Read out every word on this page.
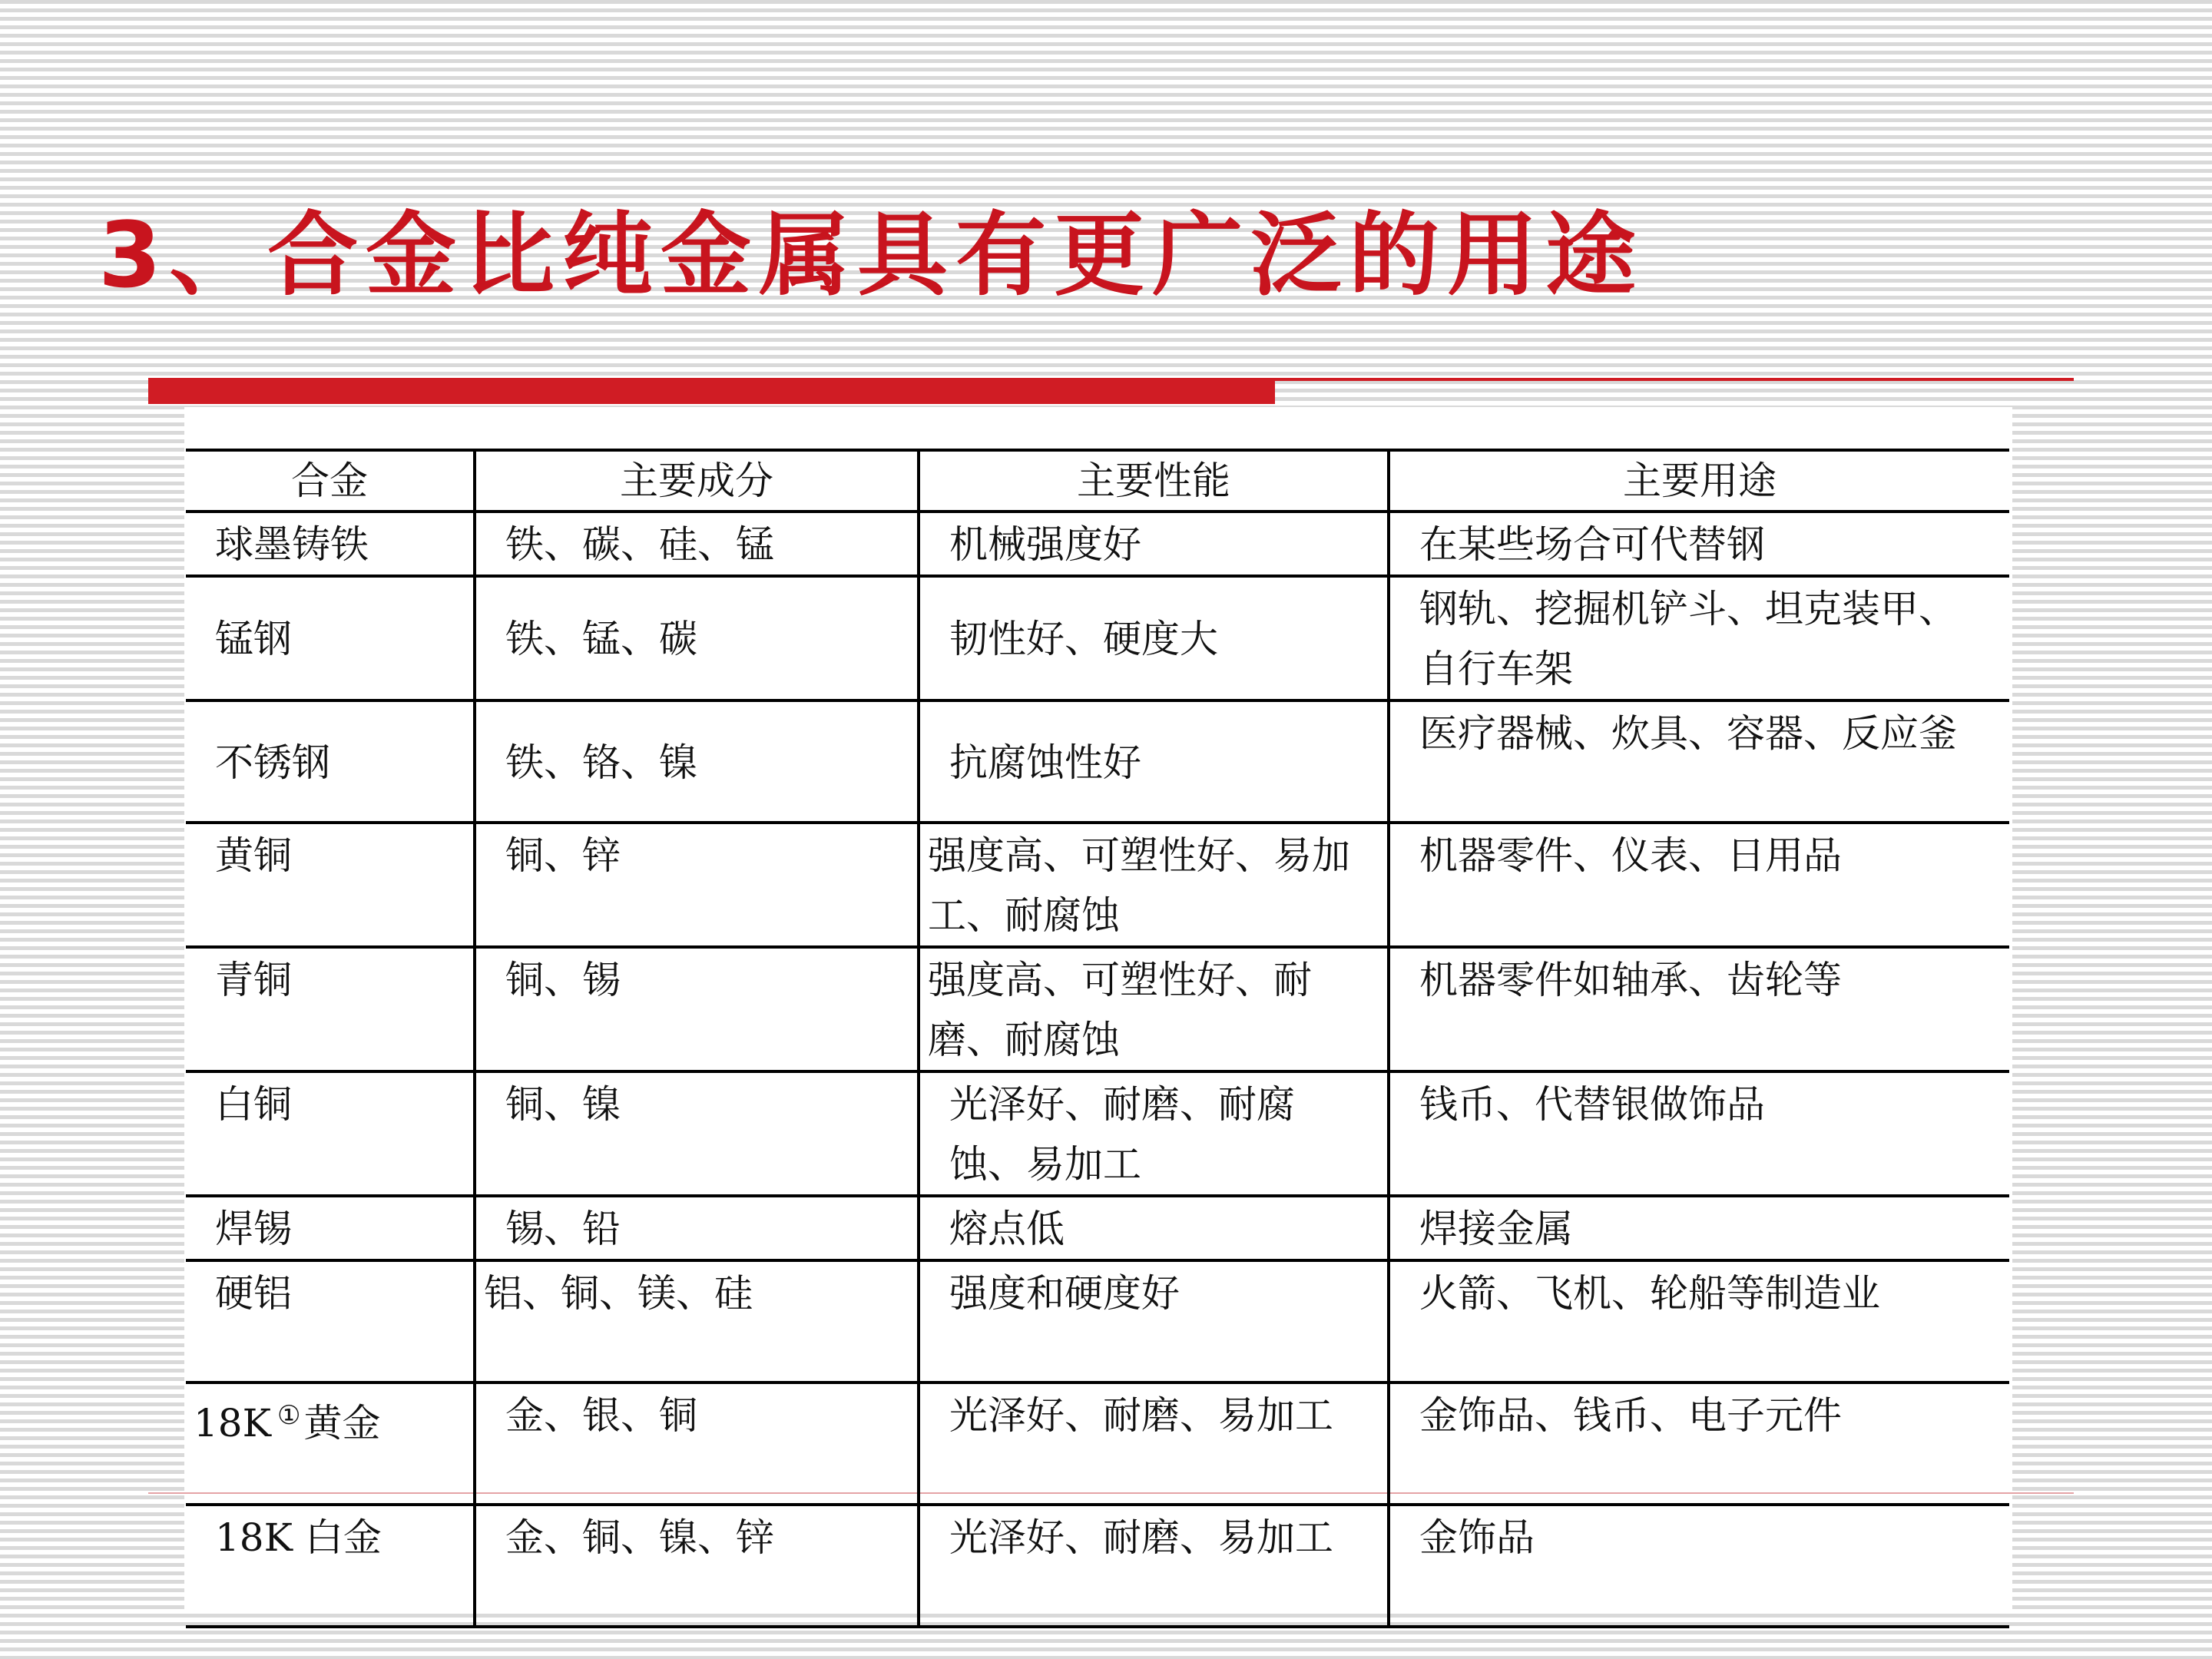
3、合金比纯金属具有更广泛的用途
合金	主要成分	主要性能	主要用途
球墨铸铁	铁、碳、硅、锰	机械强度好	在某些场合可代替钢
锰钢	铁、锰、碳	韧性好、硬度大	钢轨、挖掘机铲斗、坦克装甲、自行车架
不锈钢	铁、铬、镍	抗腐蚀性好	医疗器械、炊具、容器、反应釜
黄铜	铜、锌	强度高、可塑性好、易加工、耐腐蚀	机器零件、仪表、日用品
青铜	铜、锡	强度高、可塑性好、耐磨、耐腐蚀	机器零件如轴承、齿轮等
白铜	铜、镍	光泽好、耐磨、耐腐蚀、易加工	钱币、代替银做饰品
焊锡	锡、铅	熔点低	焊接金属
硬铝	铝、铜、镁、硅	强度和硬度好	火箭、飞机、轮船等制造业
18K ①黄金	金、银、铜	光泽好、耐磨、易加工	金饰品、钱币、电子元件
18K 白金	金、铜、镍、锌	光泽好、耐磨、易加工	金饰品
